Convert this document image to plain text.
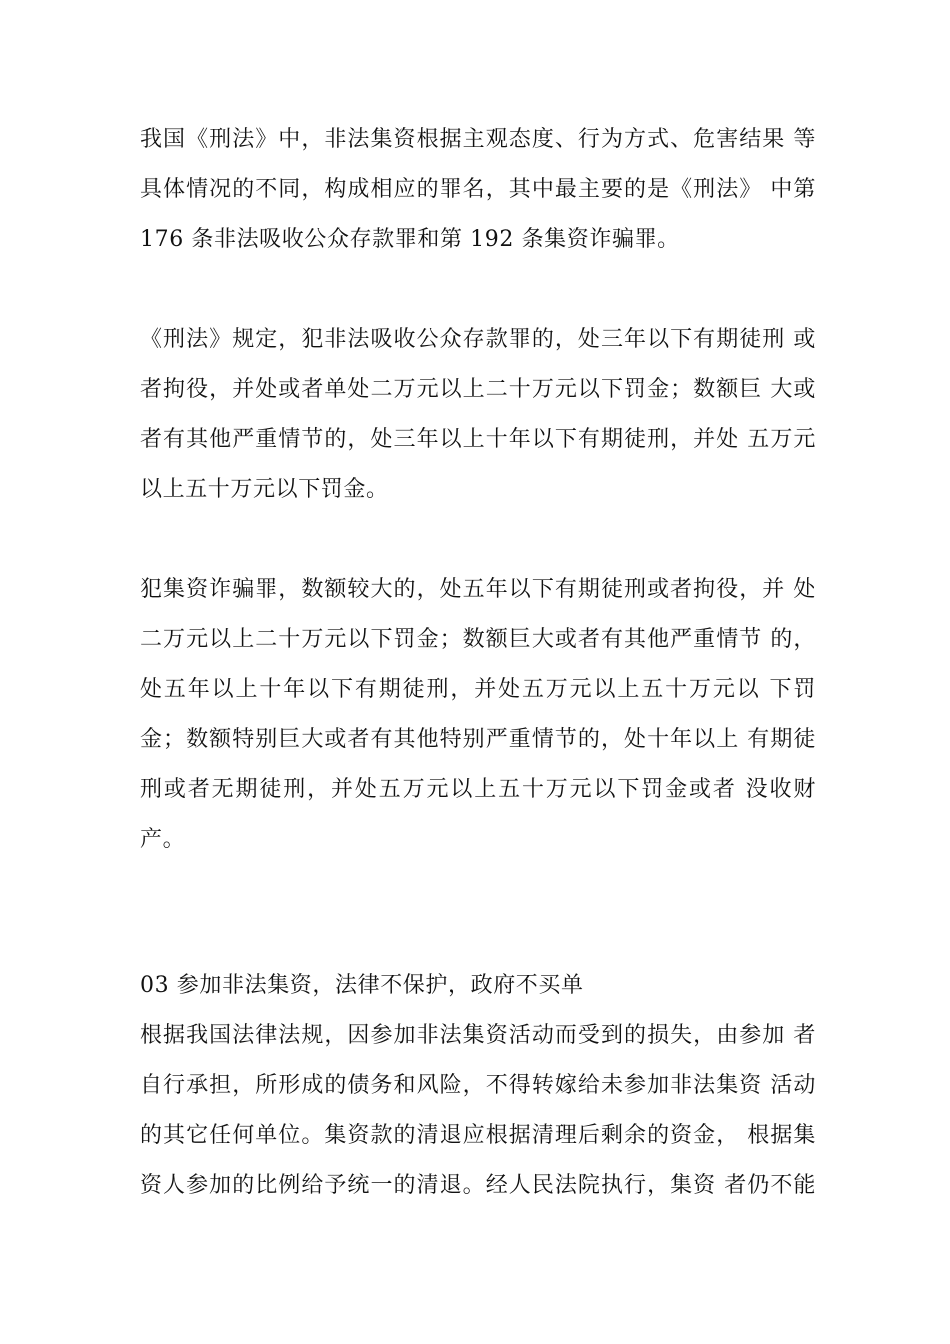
我国《刑法》中，非法集资根据主观态度、行为方式、危害结果 等
具体情况的不同，构成相应的罪名，其中最主要的是《刑法》 中第
176 条非法吸收公众存款罪和第 192 条集资诈骗罪。
《刑法》规定，犯非法吸收公众存款罪的，处三年以下有期徒刑 或
者拘役，并处或者单处二万元以上二十万元以下罚金；数额巨 大或
者有其他严重情节的，处三年以上十年以下有期徒刑，并处 五万元
以上五十万元以下罚金。
犯集资诈骗罪，数额较大的，处五年以下有期徒刑或者拘役，并 处
二万元以上二十万元以下罚金；数额巨大或者有其他严重情节 的，
处五年以上十年以下有期徒刑，并处五万元以上五十万元以 下罚
金；数额特别巨大或者有其他特别严重情节的，处十年以上 有期徒
刑或者无期徒刑，并处五万元以上五十万元以下罚金或者 没收财
产。
03 参加非法集资，法律不保护，政府不买单
根据我国法律法规，因参加非法集资活动而受到的损失，由参加 者
自行承担，所形成的债务和风险，不得转嫁给未参加非法集资 活动
的其它任何单位。集资款的清退应根据清理后剩余的资金， 根据集
资人参加的比例给予统一的清退。经人民法院执行，集资 者仍不能
